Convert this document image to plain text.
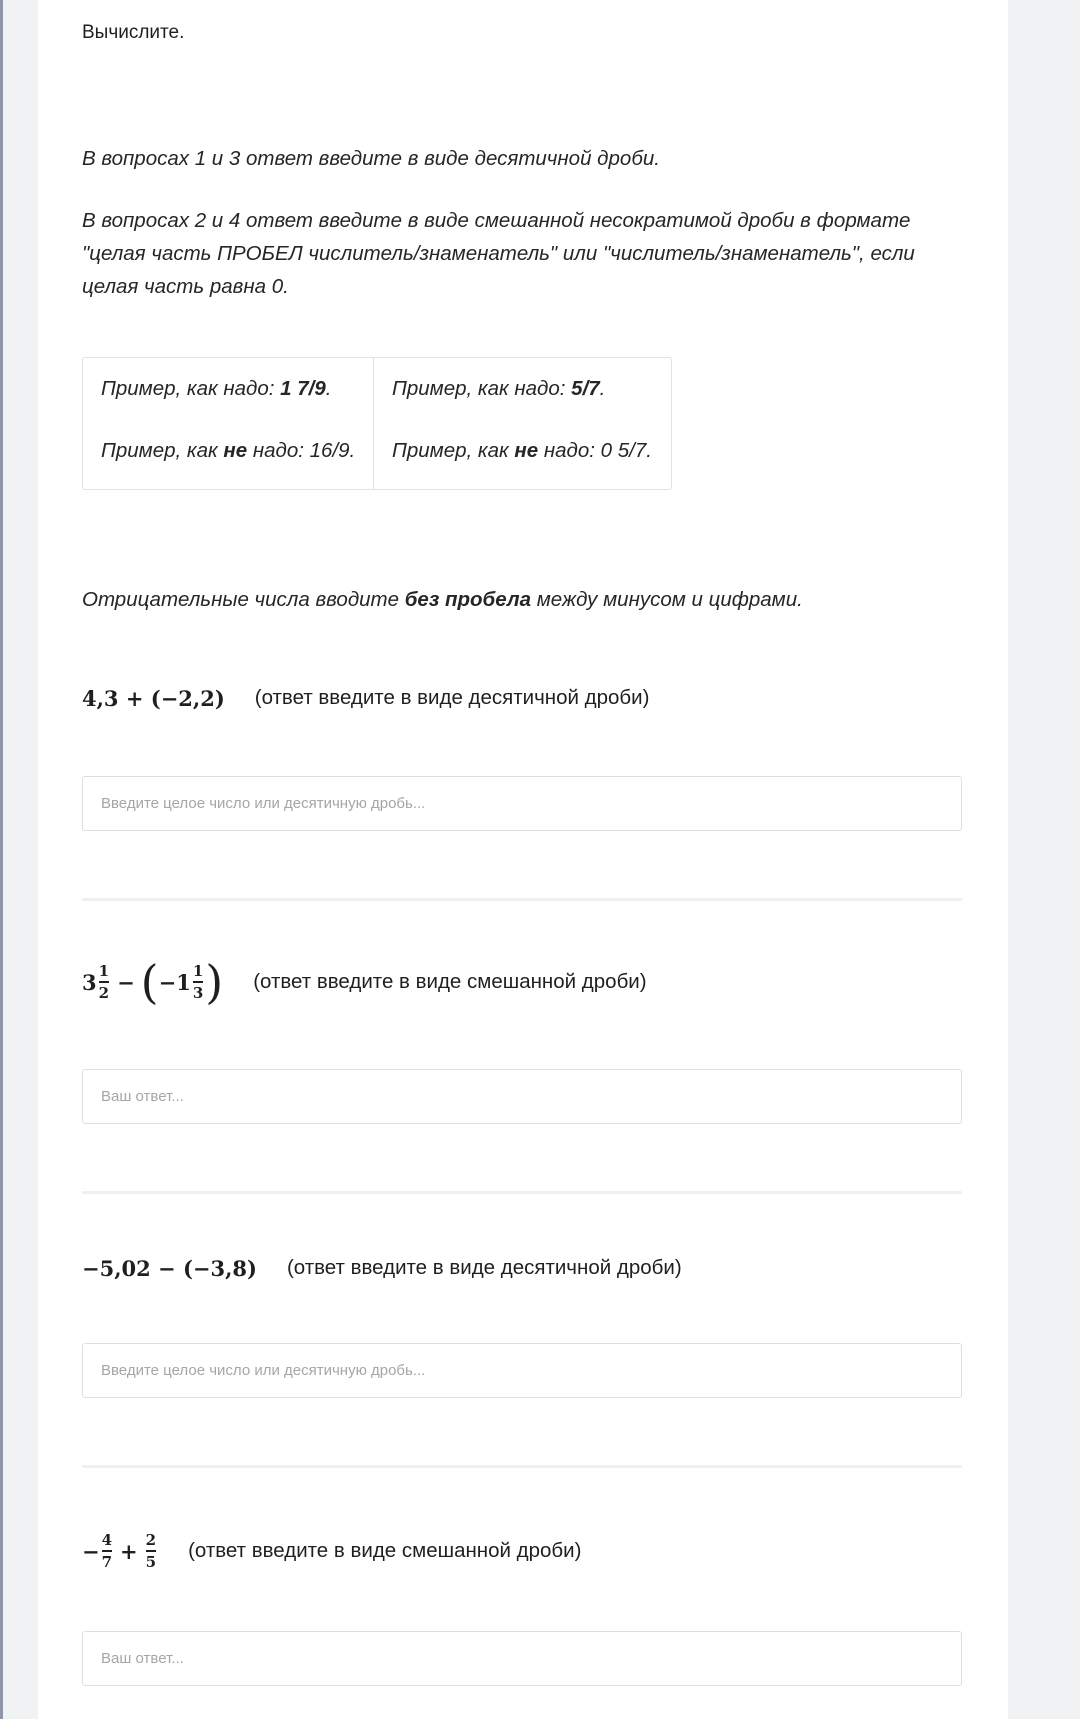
Вычислите.
В вопросах 1 и 3 ответ введите в виде десятичной дроби.
В вопросах 2 и 4 ответ введите в виде смешанной несократимой дроби в формате "целая часть ПРОБЕЛ числитель/знаменатель" или "числитель/знаменатель", если целая часть равна 0.
Пример, как надо: 1 7/9.
Пример, как не надо: 16/9.
Пример, как надо: 5/7.
Пример, как не надо: 0 5/7.
Отрицательные числа вводите без пробела между минусом и цифрами.
4,3 + (−2,2) (ответ введите в виде десятичной дроби)
Введите целое число или десятичную дробь...
$3 \frac{1}{2}$ − ( $-1 \frac{1}{3}$ ) (ответ введите в виде смешанной дроби)
Ваш ответ...
−5,02 − (−3,8) (ответ введите в виде десятичной дроби)
Введите целое число или десятичную дробь...
− $\frac{4}{7} + \frac{2}{5}$ (ответ введите в виде смешанной дроби)
Ваш ответ...
